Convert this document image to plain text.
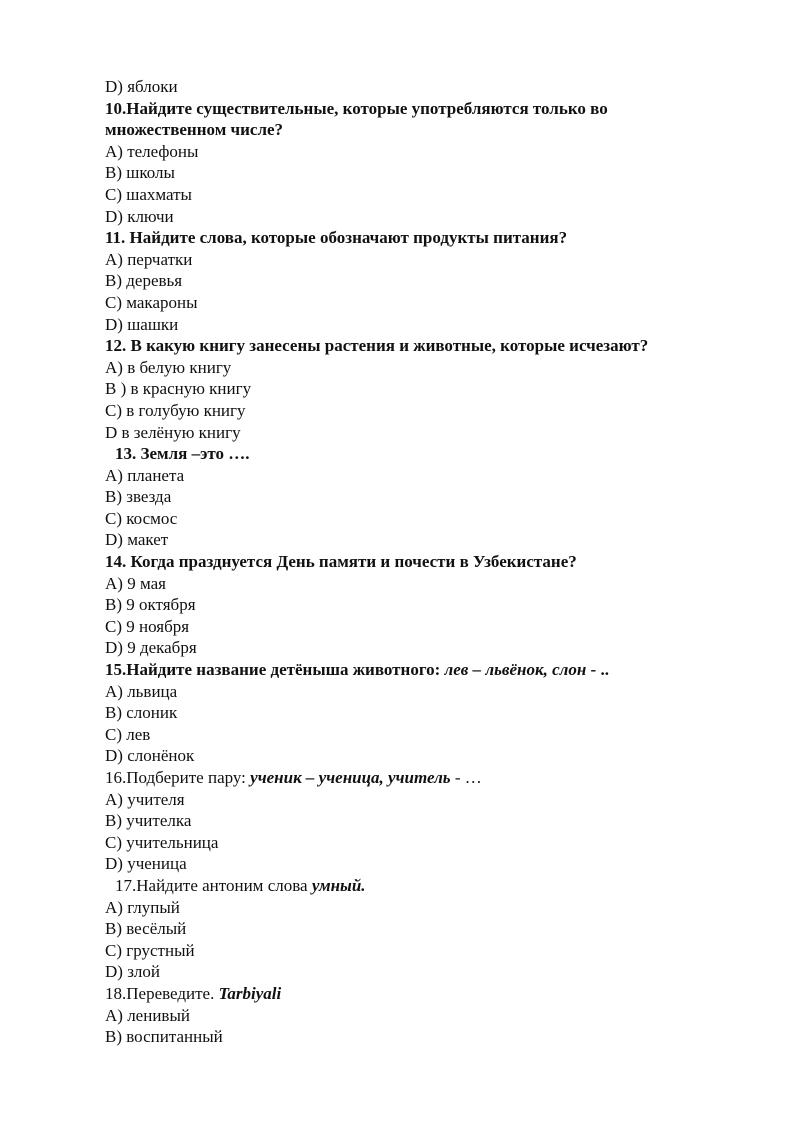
D) яблоки
10.Найдите существительные, которые употребляются только во
множественном числе?
A) телефоны
B) школы
C) шахматы
D) ключи
11. Найдите слова, которые обозначают продукты питания?
A) перчатки
B) деревья
C) макароны
D) шашки
12. В какую книгу занесены растения и животные, которые исчезают?
A) в белую книгу
B ) в красную книгу
C) в голубую книгу
D в зелёную книгу
13. Земля –это ….
A) планета
B) звезда
C) космос
D) макет
14. Когда празднуется День памяти и почести в Узбекистане?
A) 9 мая
B) 9 октября
C) 9 ноября
D) 9 декабря
15.Найдите название детёныша животного: лев – львёнок, слон - ..
A) львица
B) слоник
C) лев
D) слонёнок
16.Подберите пару: ученик – ученица, учитель - …
A) учителя
B) учителка
C) учительница
D) ученица
17.Найдите антоним слова умный.
A) глупый
B) весёлый
C) грустный
D) злой
18.Переведите. Tarbiyali
A) ленивый
B) воспитанный
